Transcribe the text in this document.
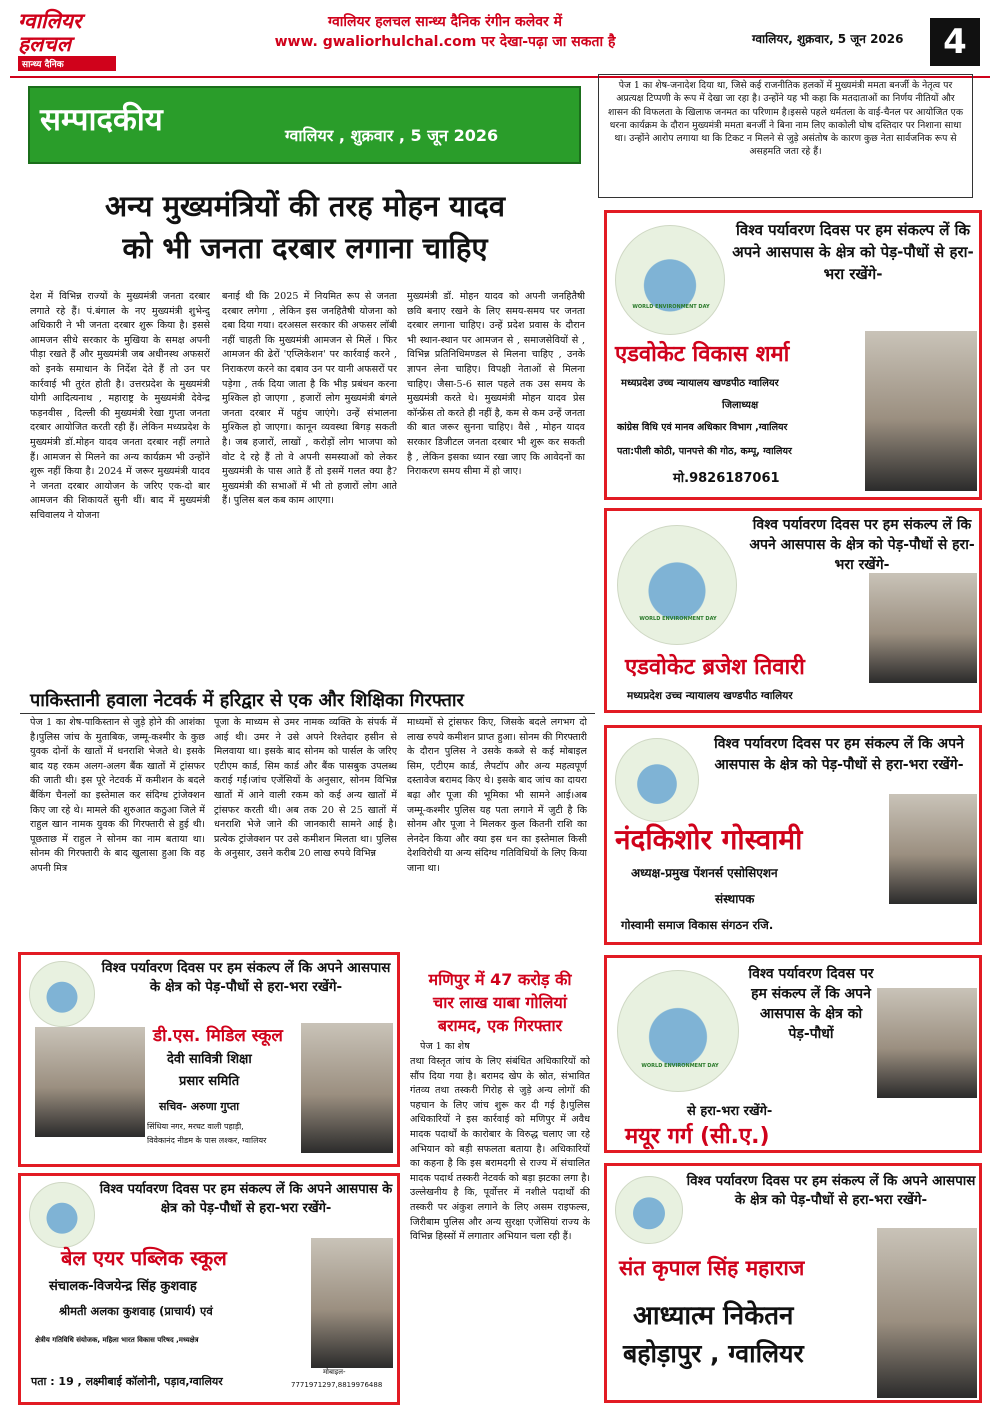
ग्वालियर
हलचल
सान्ध्य दैनिक
ग्वालियर हलचल सान्ध्य दैनिक रंगीन कलेवर में
www. gwaliorhulchal.com पर देखा-पढ़ा जा सकता है	ग्वालियर, शुक्रवार, 5 जून 2026	4
सम्पादकीय	ग्वालियर , शुक्रवार , 5 जून 2026
अन्य मुख्यमंत्रियों की तरह मोहन यादव
को भी जनता दरबार लगाना चाहिए
देश में विभिन्न राज्यों के मुख्यमंत्री जनता दरबार लगाते रहे हैं। पं.बंगाल के नए मुख्यमंत्री शुभेन्दु अधिकारी ने भी जनता दरबार शुरू किया है। इससे आमजन सीधे सरकार के मुखिया के समक्ष अपनी पीड़ा रखते हैं और मुख्यमंत्री जब अधीनस्थ अफसरों को इनके समाधान के निर्देश देते हैं तो उन पर कार्रवाई भी तुरंत होती है। उत्तरप्रदेश के मुख्यमंत्री योगी आदित्यनाथ , महाराष्ट्र के मुख्यमंत्री देवेन्द्र फड़नवीस , दिल्ली की मुख्यमंत्री रेखा गुप्ता जनता दरबार आयोजित करती रही हैं। लेकिन मध्यप्रदेश के मुख्यमंत्री डॉ.मोहन यादव जनता दरबार नहीं लगाते हैं। आमजन से मिलने का अन्य कार्यक्रम भी उन्होंने शुरू नहीं किया है। 2024 में जरूर मुख्यमंत्री यादव ने जनता दरबार आयोजन के जरिए एक-दो बार आमजन की शिकायतें सुनी थीं। बाद में मुख्यमंत्री सचिवालय ने योजना
बनाई थी कि 2025 में नियमित रूप से जनता दरबार लगेगा , लेकिन इस जनहितैषी योजना को दबा दिया गया। दरअसल सरकार की अफसर लॉबी नहीं चाहती कि मुख्यमंत्री आमजन से मिलें । फिर आमजन की ढेरों 'एप्लिकेशन' पर कार्रवाई करने , निराकरण करने का दबाव उन पर यानी अफसरों पर पड़ेगा , तर्क दिया जाता है कि भीड़ प्रबंधन करना मुश्किल हो जाएगा , हजारों लोग मुख्यमंत्री बंगले जनता दरबार में पहुंच जाएंगे। उन्हें संभालना मुश्किल हो जाएगा। कानून व्यवस्था बिगड़ सकती है। जब हजारों, लाखों , करोड़ों लोग भाजपा को वोट दे रहे हैं तो वे अपनी समस्याओं को लेकर मुख्यमंत्री के पास आते हैं तो इसमें गलत क्या है?मुख्यमंत्री की सभाओं में भी तो हजारों लोग आते हैं। पुलिस बल कब काम आएगा।
मुख्यमंत्री डॉ. मोहन यादव को अपनी जनहितैषी छवि बनाए रखने के लिए समय-समय पर जनता दरबार लगाना चाहिए। उन्हें प्रदेश प्रवास के दौरान भी स्थान-स्थान पर आमजन से , समाजसेवियों से , विभिन्न प्रतिनिधिमण्डल से मिलना चाहिए , उनके ज्ञापन लेना चाहिए। विपक्षी नेताओं से मिलना चाहिए। जैसा-5-6 साल पहले तक उस समय के मुख्यमंत्री करते थे। मुख्यमंत्री मोहन यादव प्रेस कॉन्फ्रेंस तो करते ही नहीं है, कम से कम उन्हें जनता की बात जरूर सुनना चाहिए। वैसे , मोहन यादव सरकार डिजीटल जनता दरबार भी शुरू कर सकती है , लेकिन इसका ध्यान रखा जाए कि आवेदनों का निराकरण समय सीमा में हो जाए।
पेज 1 का शेष-जनादेश दिया था, जिसे कई राजनीतिक हलकों में मुख्यमंत्री ममता बनर्जी के नेतृत्व पर अप्रत्यक्ष टिप्पणी के रूप में देखा जा रहा है। उन्होंने यह भी कहा कि मतदाताओं का निर्णय नीतियों और शासन की विफलता के खिलाफ जनमत का परिणाम है।इससे पहले धर्मतला के वाई-चैनल पर आयोजित एक धरना कार्यक्रम के दौरान मुख्यमंत्री ममता बनर्जी ने बिना नाम लिए काकोली घोष दस्तिदार पर निशाना साधा था। उन्होंने आरोप लगाया था कि टिकट न मिलने से जुड़े असंतोष के कारण कुछ नेता सार्वजनिक रूप से असहमति जता रहे हैं।
पाकिस्तानी हवाला नेटवर्क में हरिद्वार से एक और शिक्षिका गिरफ्तार
पेज 1 का शेष-पाकिस्तान से जुड़े होने की आशंका है।पुलिस जांच के मुताबिक, जम्मू-कश्मीर के कुछ युवक दोनों के खातों में धनराशि भेजते थे। इसके बाद यह रकम अलग-अलग बैंक खातों में ट्रांसफर की जाती थी। इस पूरे नेटवर्क में कमीशन के बदले बैंकिंग चैनलों का इस्तेमाल कर संदिग्ध ट्रांजेक्शन किए जा रहे थे। मामले की शुरुआत कठुआ जिले में राहुल खान नामक युवक की गिरफ्तारी से हुई थी। पूछताछ में राहुल ने सोनम का नाम बताया था। सोनम की गिरफ्तारी के बाद खुलासा हुआ कि वह अपनी मित्र
पूजा के माध्यम से उमर नामक व्यक्ति के संपर्क में आई थी। उमर ने उसे अपने रिश्तेदार हसीन से मिलवाया था। इसके बाद सोनम को पार्सल के जरिए एटीएम कार्ड, सिम कार्ड और बैंक पासबुक उपलब्ध कराई गईं।जांच एजेंसियों के अनुसार, सोनम विभिन्न खातों में आने वाली रकम को कई अन्य खातों में ट्रांसफर करती थी। अब तक 20 से 25 खातों में धनराशि भेजे जाने की जानकारी सामने आई है। प्रत्येक ट्रांजेक्शन पर उसे कमीशन मिलता था। पुलिस के अनुसार, उसने करीब 20 लाख रुपये विभिन्न
माध्यमों से ट्रांसफर किए, जिसके बदले लगभग दो लाख रुपये कमीशन प्राप्त हुआ। सोनम की गिरफ्तारी के दौरान पुलिस ने उसके कब्जे से कई मोबाइल सिम, एटीएम कार्ड, लैपटॉप और अन्य महत्वपूर्ण दस्तावेज बरामद किए थे। इसके बाद जांच का दायरा बढ़ा और पूजा की भूमिका भी सामने आई।अब जम्मू-कश्मीर पुलिस यह पता लगाने में जुटी है कि सोनम और पूजा ने मिलकर कुल कितनी राशि का लेनदेन किया और क्या इस धन का इस्तेमाल किसी देशविरोधी या अन्य संदिग्ध गतिविधियों के लिए किया जाना था।
मणिपुर में 47 करोड़ की
चार लाख याबा गोलियां
बरामद, एक गिरफ्तार
पेज 1 का शेष
तथा विस्तृत जांच के लिए संबंधित अधिकारियों को सौंप दिया गया है। बरामद खेप के स्रोत, संभावित गंतव्य तथा तस्करी गिरोह से जुड़े अन्य लोगों की पहचान के लिए जांच शुरू कर दी गई है।पुलिस अधिकारियों ने इस कार्रवाई को मणिपुर में अवैध मादक पदार्थों के कारोबार के विरुद्ध चलाए जा रहे अभियान को बड़ी सफलता बताया है। अधिकारियों का कहना है कि इस बरामदगी से राज्य में संचालित मादक पदार्थ तस्करी नेटवर्क को बड़ा झटका लगा है।उल्लेखनीय है कि, पूर्वोत्तर में नशीले पदार्थों की तस्करी पर अंकुश लगाने के लिए असम राइफल्स, जिरीबाम पुलिस और अन्य सुरक्षा एजेंसियां राज्य के विभिन्न हिस्सों में लगातार अभियान चला रही हैं।
WORLD ENVIRONMENT DAY
विश्व पर्यावरण दिवस पर हम संकल्प लें कि अपने आसपास के क्षेत्र को पेड़-पौधों से हरा-भरा रखेंगे-
एडवोकेट विकास शर्मा
मध्यप्रदेश उच्च न्यायालय खण्डपीठ ग्वालियर
जिलाध्यक्ष
कांग्रेस विधि एवं मानव अधिकार विभाग ,ग्वालियर
पता:पीली कोठी, पानपत्ते की गोठ, कम्पू, ग्वालियर
मो.9826187061
WORLD ENVIRONMENT DAY
विश्व पर्यावरण दिवस पर हम संकल्प लें कि अपने आसपास के क्षेत्र को पेड़-पौधों से हरा-भरा रखेंगे-
एडवोकेट ब्रजेश तिवारी
मध्यप्रदेश उच्च न्यायालय खण्डपीठ ग्वालियर
विश्व पर्यावरण दिवस पर हम संकल्प लें कि अपने आसपास के क्षेत्र को पेड़-पौधों से हरा-भरा रखेंगे-
नंदकिशोर गोस्वामी
अध्यक्ष-प्रमुख पेंशनर्स एसोसिएशन
संस्थापक
गोस्वामी समाज विकास संगठन रजि.
WORLD ENVIRONMENT DAY
विश्व पर्यावरण दिवस पर हम संकल्प लें कि अपने आसपास के क्षेत्र को पेड़-पौधों
से हरा-भरा रखेंगे-
मयूर गर्ग (सी.ए.)
विश्व पर्यावरण दिवस पर हम संकल्प लें कि अपने आसपास के क्षेत्र को पेड़-पौधों से हरा-भरा रखेंगे-
संत कृपाल सिंह महाराज
आध्यात्म निकेतन
बहोड़ापुर , ग्वालियर
विश्व पर्यावरण दिवस पर हम संकल्प लें कि अपने आसपास के क्षेत्र को पेड़-पौधों से हरा-भरा रखेंगे-
डी.एस. मिडिल स्कूल
देवी सावित्री शिक्षा
प्रसार समिति
सचिव- अरुणा गुप्ता
सिंधिया नगर, मरघट वाली पहाड़ी,
विवेकानंद नीडम के पास लश्कर, ग्वालियर
विश्व पर्यावरण दिवस पर हम संकल्प लें कि अपने आसपास के क्षेत्र को पेड़-पौधों से हरा-भरा रखेंगे-
बेल एयर पब्लिक स्कूल
संचालक-विजयेन्द्र सिंह कुशवाह
श्रीमती अलका कुशवाह (प्राचार्य) एवं
क्षेत्रीय गतिविधि संयोजक, महिला भारत विकास परिषद ,मध्यक्षेत्र
पता : 19 , लक्ष्मीबाई कॉलोनी, पड़ाव,ग्वालियर
मोबाइल-
7771971297,8819976488
